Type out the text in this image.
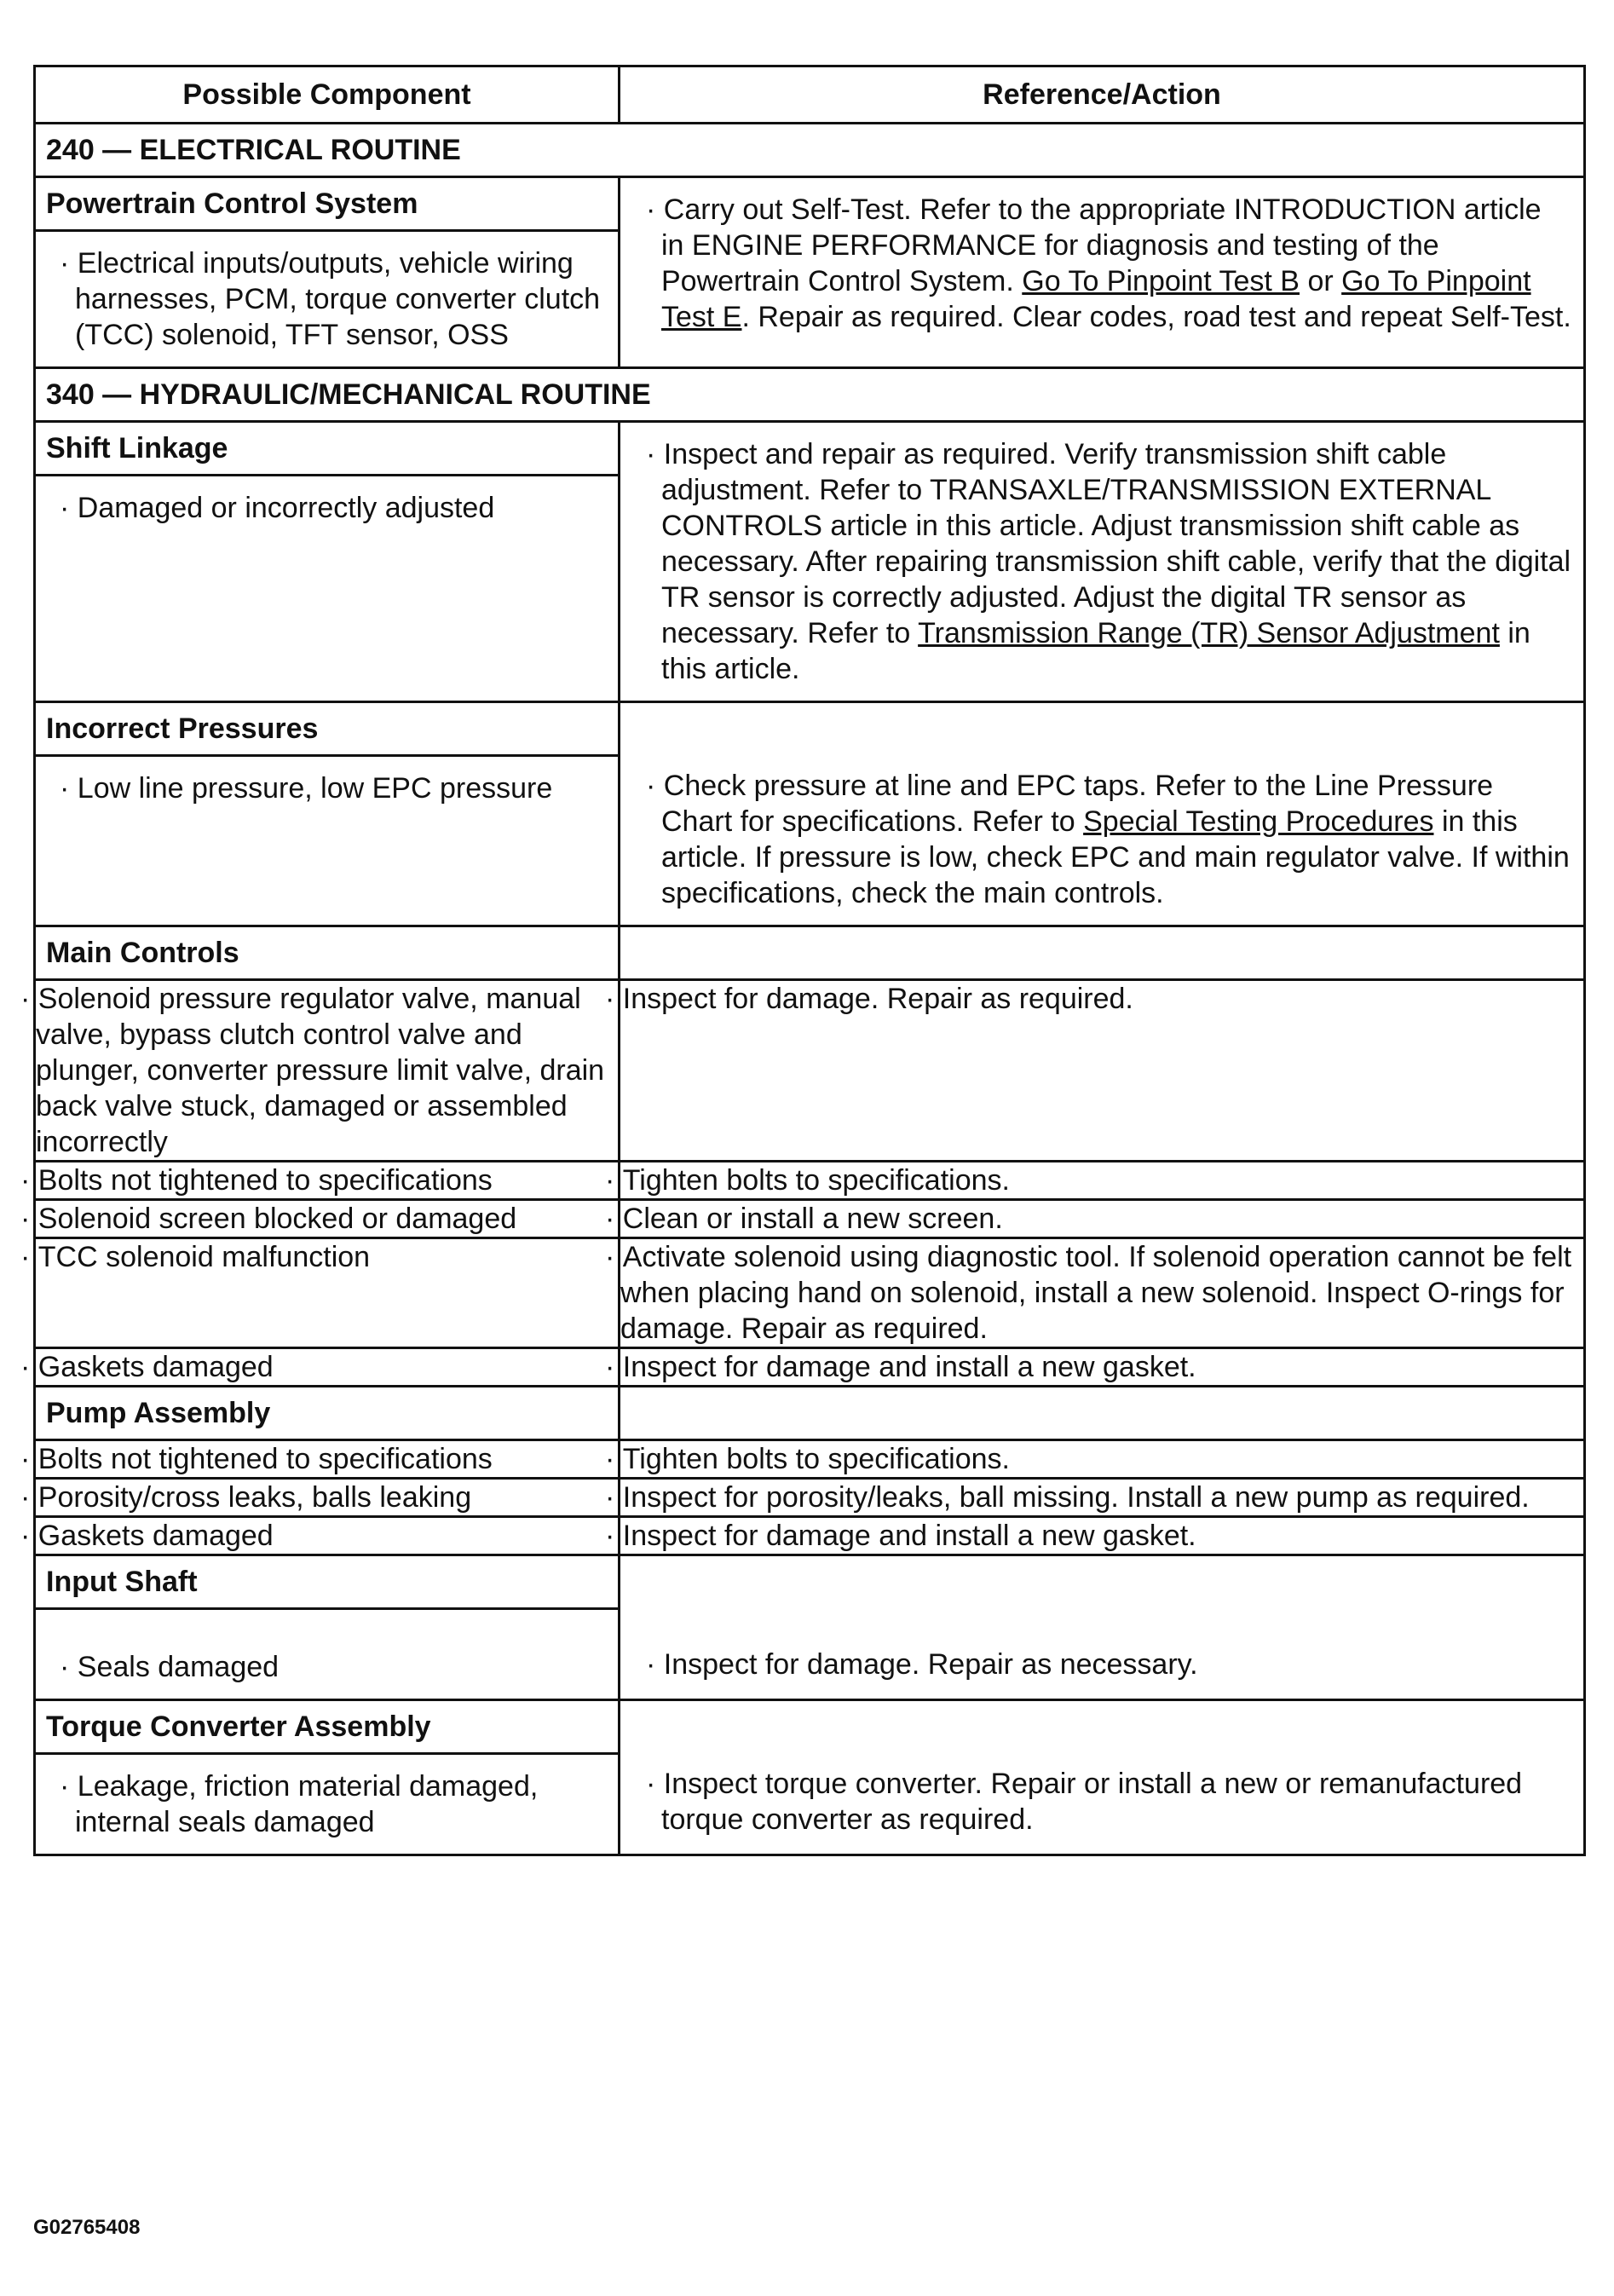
Possible Component	Reference/Action
240 — ELECTRICAL ROUTINE	

Powertrain Control System
· Electrical inputs/outputs, vehicle wiring harnesses, PCM, torque converter clutch (TCC) solenoid, TFT sensor, OSS	· Carry out Self-Test. Refer to the appropriate INTRODUCTION article in ENGINE PERFORMANCE for diagnosis and testing of the Powertrain Control System. Go To Pinpoint Test B or Go To Pinpoint Test E. Repair as required. Clear codes, road test and repeat Self-Test.

340 — HYDRAULIC/MECHANICAL ROUTINE	

Shift Linkage
· Damaged or incorrectly adjusted	· Inspect and repair as required. Verify transmission shift cable adjustment. Refer to TRANSAXLE/TRANSMISSION EXTERNAL CONTROLS article in this article. Adjust transmission shift cable as necessary. After repairing transmission shift cable, verify that the digital TR sensor is correctly adjusted. Adjust the digital TR sensor as necessary. Refer to Transmission Range (TR) Sensor Adjustment in this article.

Incorrect Pressures
· Low line pressure, low EPC pressure	· Check pressure at line and EPC taps. Refer to the Line Pressure Chart for specifications. Refer to Special Testing Procedures in this article. If pressure is low, check EPC and main regulator valve. If within specifications, check the main controls.

Main Controls	

· Solenoid pressure regulator valve, manual valve, bypass clutch control valve and plunger, converter pressure limit valve, drain back valve stuck, damaged or assembled incorrectly	· Inspect for damage. Repair as required.
· Bolts not tightened to specifications	· Tighten bolts to specifications.
· Solenoid screen blocked or damaged	· Clean or install a new screen.
· TCC solenoid malfunction	· Activate solenoid using diagnostic tool. If solenoid operation cannot be felt when placing hand on solenoid, install a new solenoid. Inspect O-rings for damage. Repair as required.
· Gaskets damaged	· Inspect for damage and install a new gasket.

Pump Assembly	

· Bolts not tightened to specifications	· Tighten bolts to specifications.
· Porosity/cross leaks, balls leaking	· Inspect for porosity/leaks, ball missing. Install a new pump as required.
· Gaskets damaged	· Inspect for damage and install a new gasket.

Input Shaft
· Seals damaged	· Inspect for damage. Repair as necessary.

Torque Converter Assembly
· Leakage, friction material damaged, internal seals damaged	· Inspect torque converter. Repair or install a new or remanufactured torque converter as required.
G02765408
